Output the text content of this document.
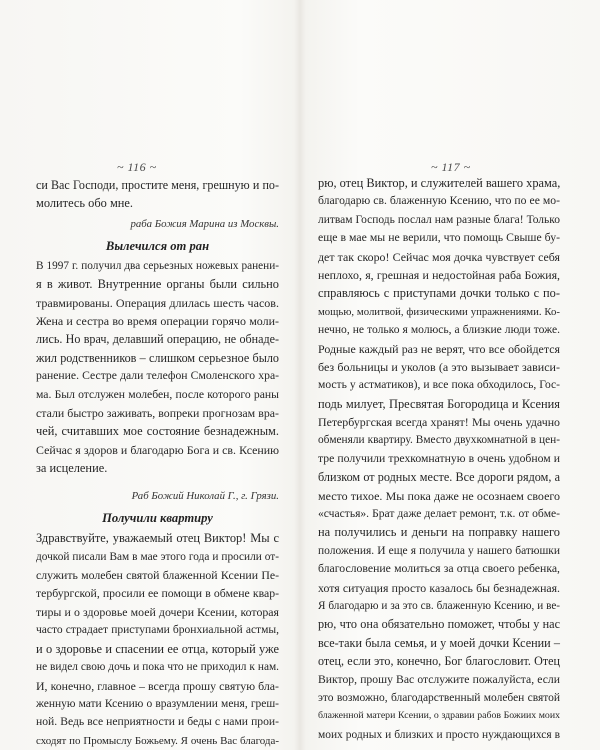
~ 116 ~
си Вас Господи, простите меня, грешную и по-
молитесь обо мне.
раба Божия Марина из Москвы.
Вылечился от ран
В 1997 г. получил два серьезных ножевых ранени-
я в живот. Внутренние органы были сильно
травмированы. Операция длилась шесть часов.
Жена и сестра во время операции горячо моли-
лись. Но врач, делавший операцию, не обнаде-
жил родственников – слишком серьезное было
ранение. Сестре дали телефон Смоленского хра-
ма. Был отслужен молебен, после которого раны
стали быстро заживать, вопреки прогнозам вра-
чей, считавших мое состояние безнадежным.
Сейчас я здоров и благодарю Бога и св. Ксению
за исцеление.
Раб Божий Николай Г., г. Грязи.
Получили квартиру
Здравствуйте, уважаемый отец Виктор! Мы с
дочкой писали Вам в мае этого года и просили от-
служить молебен святой блаженной Ксении Пе-
тербургской, просили ее помощи в обмене квар-
тиры и о здоровье моей дочери Ксении, которая
часто страдает приступами бронхиальной астмы,
и о здоровье и спасении ее отца, который уже
не видел свою дочь и пока что не приходил к нам.
И, конечно, главное – всегда прошу святую бла-
женную мати Ксению о вразумлении меня, греш-
ной. Ведь все неприятности и беды с нами прои-
сходят по Промыслу Божьему. Я очень Вас благода-
~ 117 ~
рю, отец Виктор, и служителей вашего храма,
благодарю св. блаженную Ксению, что по ее мо-
литвам Господь послал нам разные блага! Только
еще в мае мы не верили, что помощь Свыше бу-
дет так скоро! Сейчас моя дочка чувствует себя
неплохо, я, грешная и недостойная раба Божия,
справляюсь с приступами дочки только с по-
мощью, молитвой, физическими упражнениями. Ко-
нечно, не только я молюсь, а близкие люди тоже.
Родные каждый раз не верят, что все обойдется
без больницы и уколов (а это вызывает зависи-
мость у астматиков), и все пока обходилось, Гос-
подь милует, Пресвятая Богородица и Ксения
Петербургская всегда хранят! Мы очень удачно
обменяли квартиру. Вместо двухкомнатной в цен-
тре получили трехкомнатную в очень удобном и
близком от родных месте. Все дороги рядом, а
место тихое. Мы пока даже не осознаем своего
«счастья». Брат даже делает ремонт, т.к. от обме-
на получились и деньги на поправку нашего
положения. И еще я получила у нашего батюшки
благословение молиться за отца своего ребенка,
хотя ситуация просто казалось бы безнадежная.
Я благодарю и за это св. блаженную Ксению, и ве-
рю, что она обязательно поможет, чтобы у нас
все-таки была семья, и у моей дочки Ксении –
отец, если это, конечно, Бог благословит. Отец
Виктор, прошу Вас отслужите пожалуйста, если
это возможно, благодарственный молебен святой
блаженной матери Ксении, о здравии рабов Божиих моих
моих родных и близких и просто нуждающихся в
